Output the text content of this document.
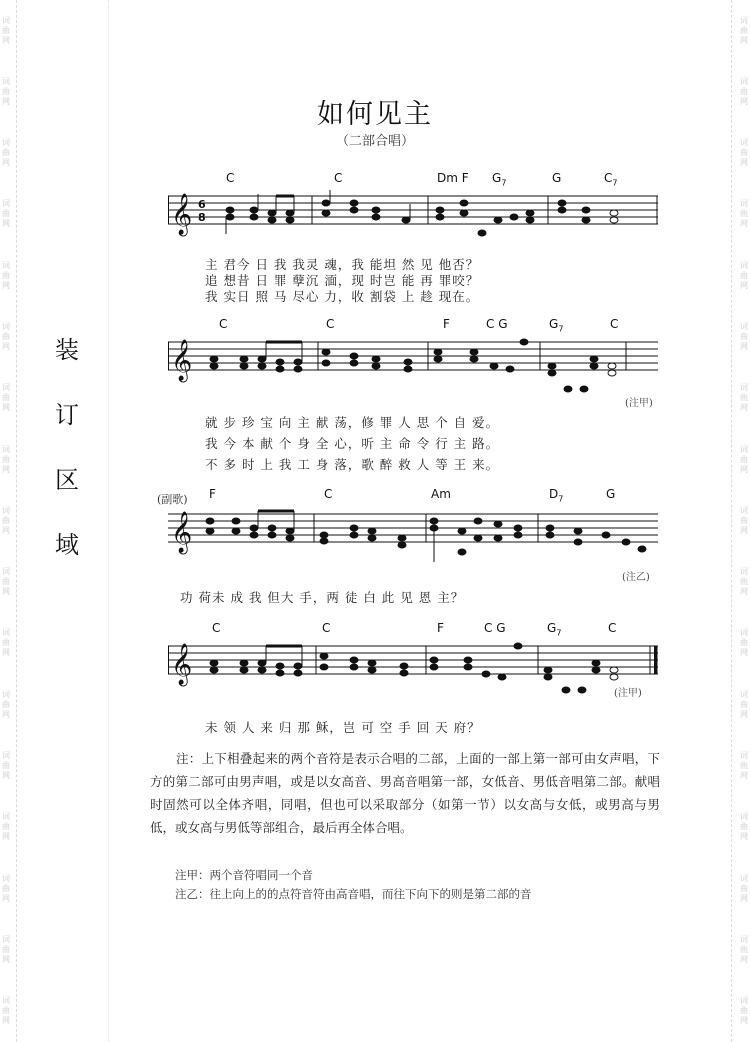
词
曲
网
词
曲
网
词
曲
网
词
曲
网
词
曲
网
词
曲
网
词
曲
网
词
曲
网
词
曲
网
词
曲
网
词
曲
网
词
曲
网
词
曲
网
词
曲
网
词
曲
网
词
曲
网
词
曲
网
词
曲
网
词
曲
网
词
曲
网
词
曲
网
词
曲
网
词
曲
网
词
曲
网
词
曲
网
词
曲
网
词
曲
网
词
曲
网
词
曲
网
词
曲
网
词
曲
网
词
曲
网
词
曲
网
词
曲
网
装
订
区
域
如何见主
（二部合唱）
C	C	Dm F $G_7$	G	$C_7$
𝄞 6
8
主 君今 日 我 我灵 魂，我 能坦 然 见 他否？
追 想昔 日 罪 孽沉 湎，现 时岂 能 再 罪咬？
我 实日 照 马 尽心 力，收 割袋 上 趁 现在。
C	C	F	C G	$G_7$	C
𝄞
(注甲)
就 步 珍 宝 向 主 献 荡，修 罪 人 思 个 自 爱。
我 今 本 献 个 身 全 心，听 主 命 令 行 主 路。
不 多 时 上 我 工 身 落，歌 醉 救 人 等 王 来。
(副歌) F	C	Am	$D_7$	G
𝄞
(注乙)
功 荷未 成 我 但大 手，两 徒 白 此 见 恩 主？
C	C	F	C G	$G_7$	C
𝄞
(注甲)
未 领 人 来 归 那 稣，岂 可 空 手 回 天 府？
注：上下相叠起来的两个音符是表示合唱的二部，上面的一部上第一部可由女声唱，下方的第二部可由男声唱，或是以女高音、男高音唱第一部，女低音、男低音唱第二部。献唱时固然可以全体齐唱，同唱，但也可以采取部分（如第一节）以女高与女低，或男高与男低，或女高与男低等部组合，最后再全体合唱。
注甲：两个音符唱同一个音
注乙：往上向上的的点符音符由高音唱，而往下向下的则是第二部的音
